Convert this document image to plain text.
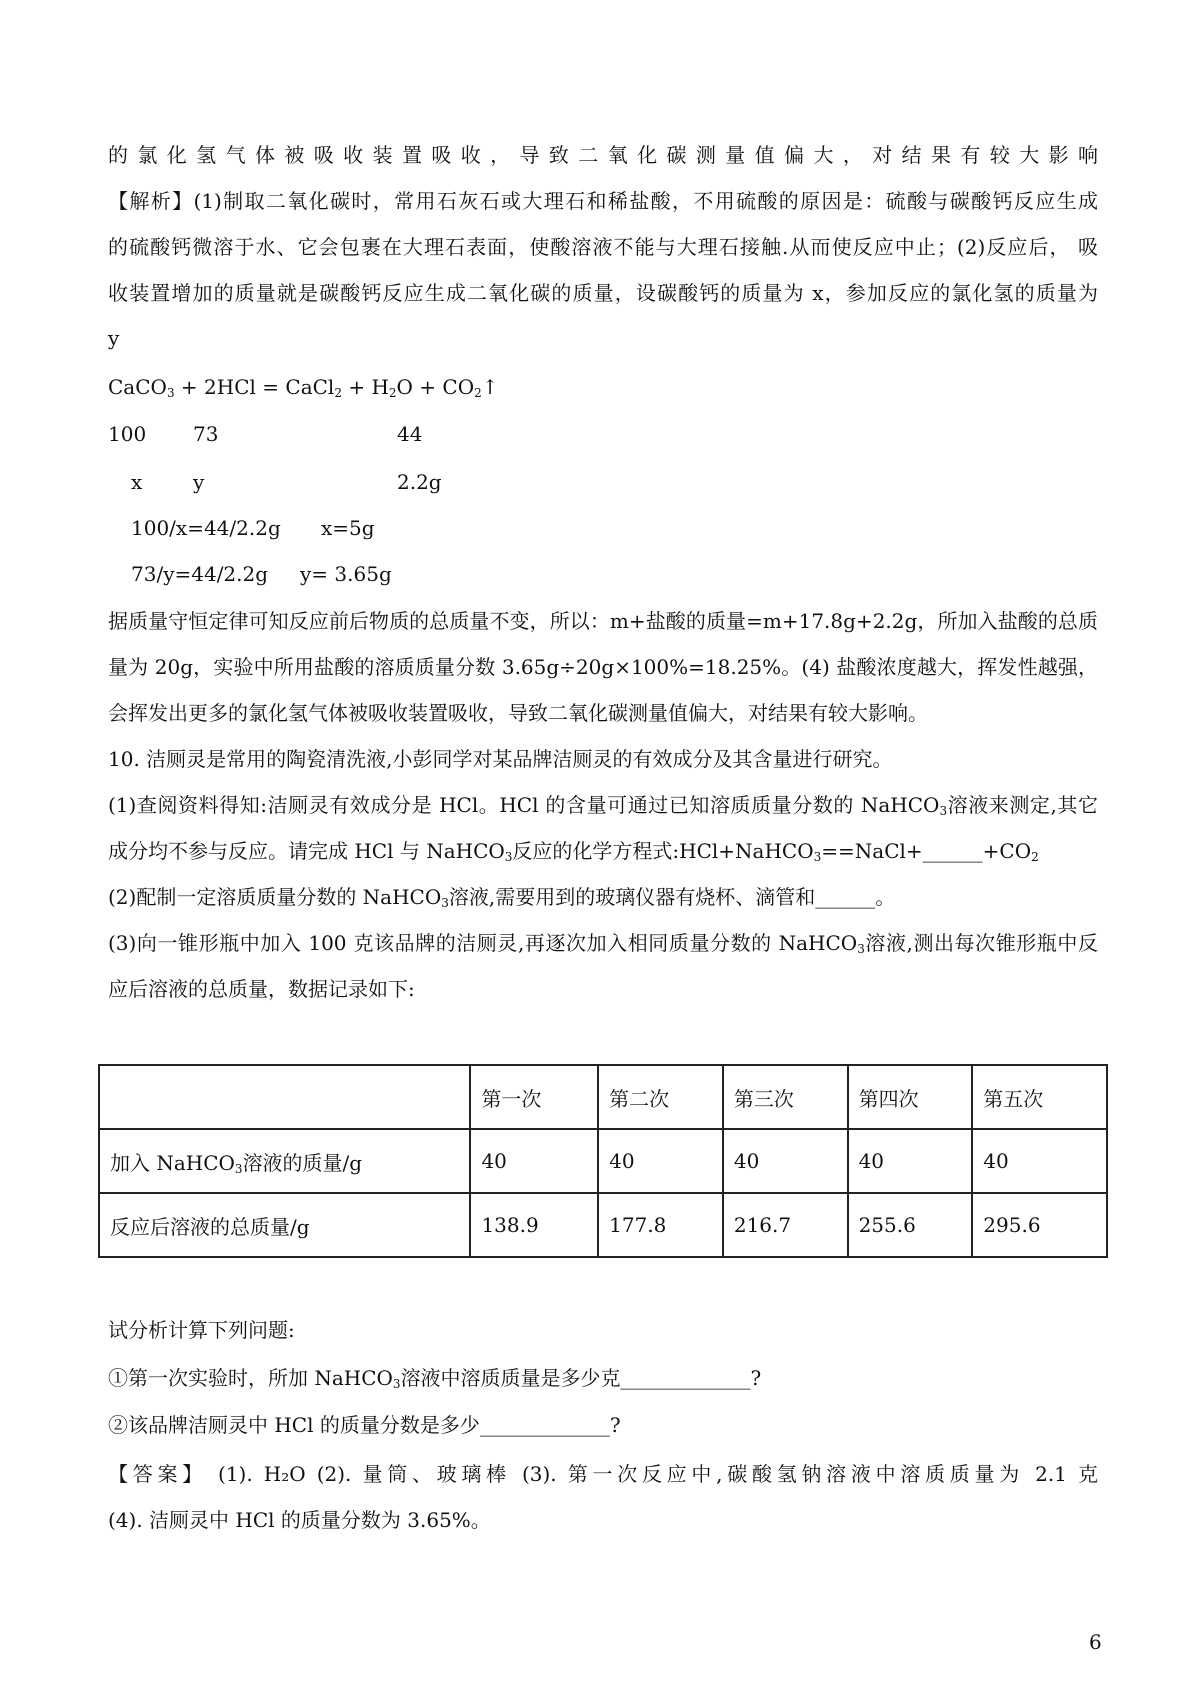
的氯化氢气体被吸收装置吸收，导致二氧化碳测量值偏大，对结果有较大影响
【解析】(1)制取二氧化碳时，常用石灰石或大理石和稀盐酸，不用硫酸的原因是：硫酸与碳酸钙反应生成
的硫酸钙微溶于水、它会包裹在大理石表面，使酸溶液不能与大理石接触.从而使反应中止；(2)反应后， 吸
收装置增加的质量就是碳酸钙反应生成二氧化碳的质量，设碳酸钙的质量为 x，参加反应的氯化氢的质量为
y
CaCO$_3$ + 2HCl = CaCl$_2$ + $H_2O$ + $CO_2↑$
100 73	44
x	y	2.2g
100/x=44/2.2g x=5g
73/y=44/2.2g y= 3.65g
据质量守恒定律可知反应前后物质的总质量不变，所以：m+盐酸的质量=m+17.8g+2.2g，所加入盐酸的总质
量为 20g，实验中所用盐酸的溶质质量分数 3.65g÷20g×100%=18.25%。(4) 盐酸浓度越大，挥发性越强，
会挥发出更多的氯化氢气体被吸收装置吸收，导致二氧化碳测量值偏大，对结果有较大影响。
10. 洁厕灵是常用的陶瓷清洗液,小彭同学对某品牌洁厕灵的有效成分及其含量进行研究。
(1)查阅资料得知:洁厕灵有效成分是 HCl。HCl 的含量可通过已知溶质质量分数的 NaHCO$_3$溶液来测定,其它
成分均不参与反应。请完成 HCl 与 NaHCO$_3$反应的化学方程式$:HCl+NaHCO_3==NaCl+\_\_\_\_\_\_+CO_2$
(2)配制一定溶质质量分数的 NaHCO$_3$溶液,需要用到的玻璃仪器有烧杯、滴管和______。
(3)向一锥形瓶中加入 100 克该品牌的洁厕灵,再逐次加入相同质量分数的 NaHCO$_3$溶液,测出每次锥形瓶中反
应后溶液的总质量，数据记录如下:
	第一次	第二次	第三次	第四次	第五次
加入 NaHCO$_3$溶液的质量/g	40	40	40	40	40
反应后溶液的总质量/g	138.9	177.8	216.7	255.6	295.6
试分析计算下列问题:
①第一次实验时，所加 NaHCO$_3$溶液中溶质质量是多少克_____________?
②该品牌洁厕灵中 HCl 的质量分数是多少_____________?
【答案】 (1). H₂O (2). 量筒、玻璃棒 (3). 第一次反应中,碳酸氢钠溶液中溶质质量为 2.1 克
(4). 洁厕灵中 HCl 的质量分数为 3.65%。
6
